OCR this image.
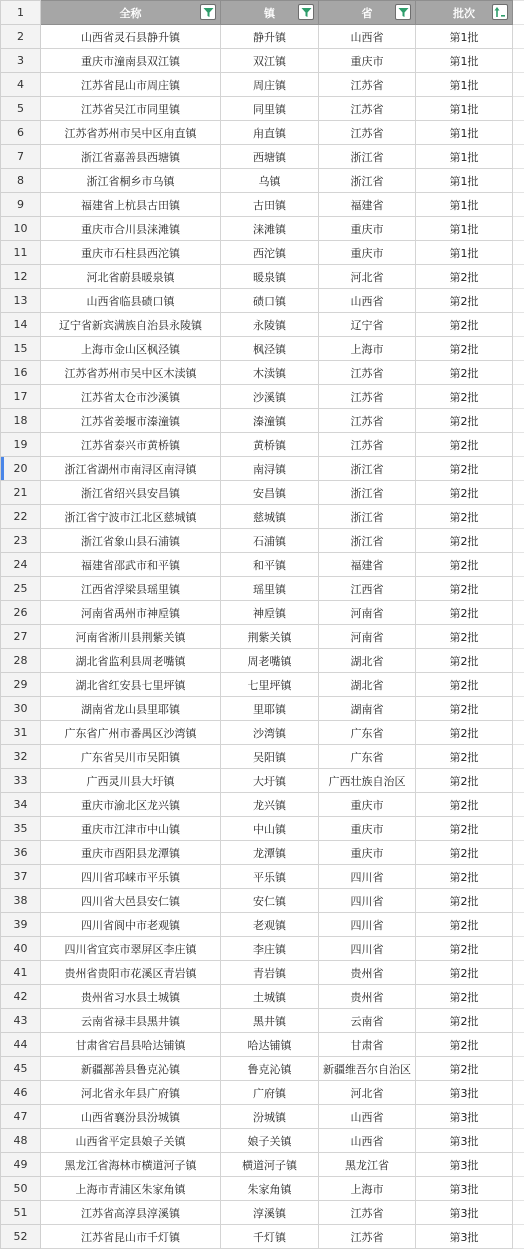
1	全称	镇	省	批次

2	山西省灵石县静升镇	静升镇	山西省	第1批	
3	重庆市潼南县双江镇	双江镇	重庆市	第1批	
4	江苏省昆山市周庄镇	周庄镇	江苏省	第1批	
5	江苏省吴江市同里镇	同里镇	江苏省	第1批	
6	江苏省苏州市吴中区甪直镇	甪直镇	江苏省	第1批	
7	浙江省嘉善县西塘镇	西塘镇	浙江省	第1批	
8	浙江省桐乡市乌镇	乌镇	浙江省	第1批	
9	福建省上杭县古田镇	古田镇	福建省	第1批	
10	重庆市合川县涞滩镇	涞滩镇	重庆市	第1批	
11	重庆市石柱县西沱镇	西沱镇	重庆市	第1批	
12	河北省蔚县暖泉镇	暖泉镇	河北省	第2批	
13	山西省临县碛口镇	碛口镇	山西省	第2批	
14	辽宁省新宾满族自治县永陵镇	永陵镇	辽宁省	第2批	
15	上海市金山区枫泾镇	枫泾镇	上海市	第2批	
16	江苏省苏州市吴中区木渎镇	木渎镇	江苏省	第2批	
17	江苏省太仓市沙溪镇	沙溪镇	江苏省	第2批	
18	江苏省姜堰市溱潼镇	溱潼镇	江苏省	第2批	
19	江苏省泰兴市黄桥镇	黄桥镇	江苏省	第2批	
20	浙江省湖州市南浔区南浔镇	南浔镇	浙江省	第2批	
21	浙江省绍兴县安昌镇	安昌镇	浙江省	第2批	
22	浙江省宁波市江北区慈城镇	慈城镇	浙江省	第2批	
23	浙江省象山县石浦镇	石浦镇	浙江省	第2批	
24	福建省邵武市和平镇	和平镇	福建省	第2批	
25	江西省浮梁县瑶里镇	瑶里镇	江西省	第2批	
26	河南省禹州市神垕镇	神垕镇	河南省	第2批	
27	河南省淅川县荆紫关镇	荆紫关镇	河南省	第2批	
28	湖北省监利县周老嘴镇	周老嘴镇	湖北省	第2批	
29	湖北省红安县七里坪镇	七里坪镇	湖北省	第2批	
30	湖南省龙山县里耶镇	里耶镇	湖南省	第2批	
31	广东省广州市番禺区沙湾镇	沙湾镇	广东省	第2批	
32	广东省吴川市吴阳镇	吴阳镇	广东省	第2批	
33	广西灵川县大圩镇	大圩镇	广西壮族自治区	第2批	
34	重庆市渝北区龙兴镇	龙兴镇	重庆市	第2批	
35	重庆市江津市中山镇	中山镇	重庆市	第2批	
36	重庆市酉阳县龙潭镇	龙潭镇	重庆市	第2批	
37	四川省邛崃市平乐镇	平乐镇	四川省	第2批	
38	四川省大邑县安仁镇	安仁镇	四川省	第2批	
39	四川省阆中市老观镇	老观镇	四川省	第2批	
40	四川省宜宾市翠屏区李庄镇	李庄镇	四川省	第2批	
41	贵州省贵阳市花溪区青岩镇	青岩镇	贵州省	第2批	
42	贵州省习水县土城镇	土城镇	贵州省	第2批	
43	云南省禄丰县黑井镇	黑井镇	云南省	第2批	
44	甘肃省宕昌县哈达铺镇	哈达铺镇	甘肃省	第2批	
45	新疆鄯善县鲁克沁镇	鲁克沁镇	新疆维吾尔自治区	第2批	
46	河北省永年县广府镇	广府镇	河北省	第3批	
47	山西省襄汾县汾城镇	汾城镇	山西省	第3批	
48	山西省平定县娘子关镇	娘子关镇	山西省	第3批	
49	黑龙江省海林市横道河子镇	横道河子镇	黑龙江省	第3批	
50	上海市青浦区朱家角镇	朱家角镇	上海市	第3批	
51	江苏省高淳县淳溪镇	淳溪镇	江苏省	第3批	
52	江苏省昆山市千灯镇	千灯镇	江苏省	第3批	
